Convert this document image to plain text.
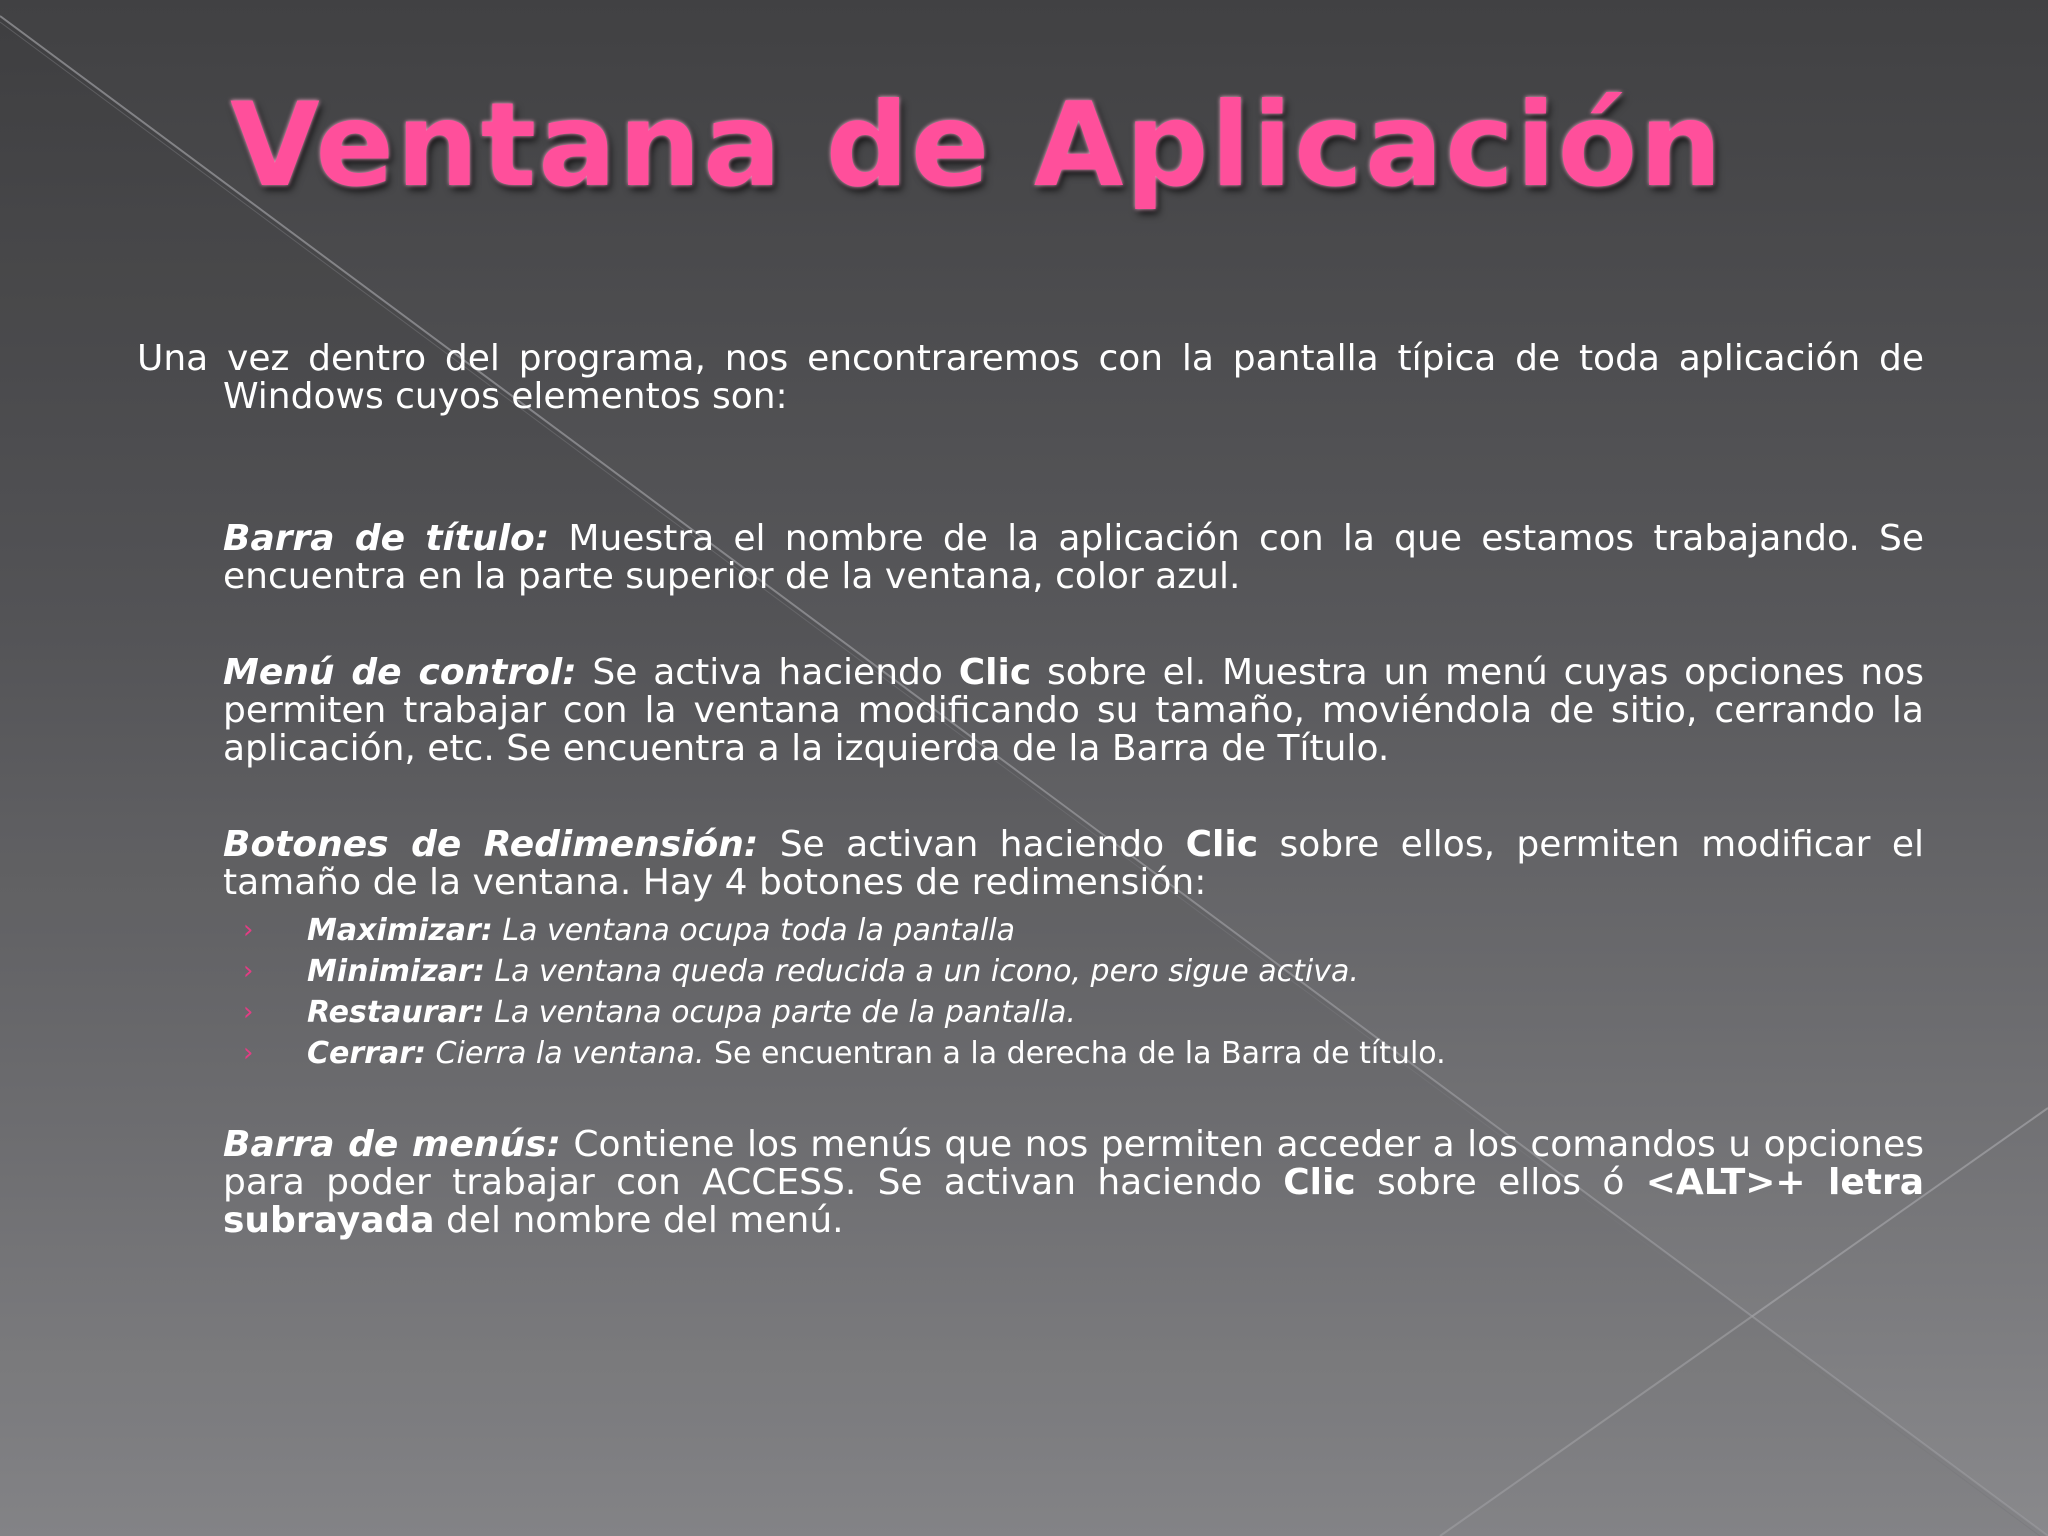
Ventana de Aplicación

Una vez dentro del programa, nos encontraremos con la pantalla típica de toda aplicación de Windows cuyos elementos son:

Barra de título: Muestra el nombre de la aplicación con la que estamos trabajando. Se encuentra en la parte superior de la ventana, color azul.

Menú de control: Se activa haciendo Clic sobre el. Muestra un menú cuyas opciones nos permiten trabajar con la ventana modificando su tamaño, moviéndola de sitio, cerrando la aplicación, etc. Se encuentra a la izquierda de la Barra de Título.

Botones de Redimensión: Se activan haciendo Clic sobre ellos, permiten modificar el tamaño de la ventana. Hay 4 botones de redimensión:

› Maximizar: La ventana ocupa toda la pantalla
› Minimizar: La ventana queda reducida a un icono, pero sigue activa.
› Restaurar: La ventana ocupa parte de la pantalla.
› Cerrar: Cierra la ventana. Se encuentran a la derecha de la Barra de título.

Barra de menús: Contiene los menús que nos permiten acceder a los comandos u opciones para poder trabajar con ACCESS. Se activan haciendo Clic sobre ellos ó <ALT>+ letra subrayada del nombre del menú.
